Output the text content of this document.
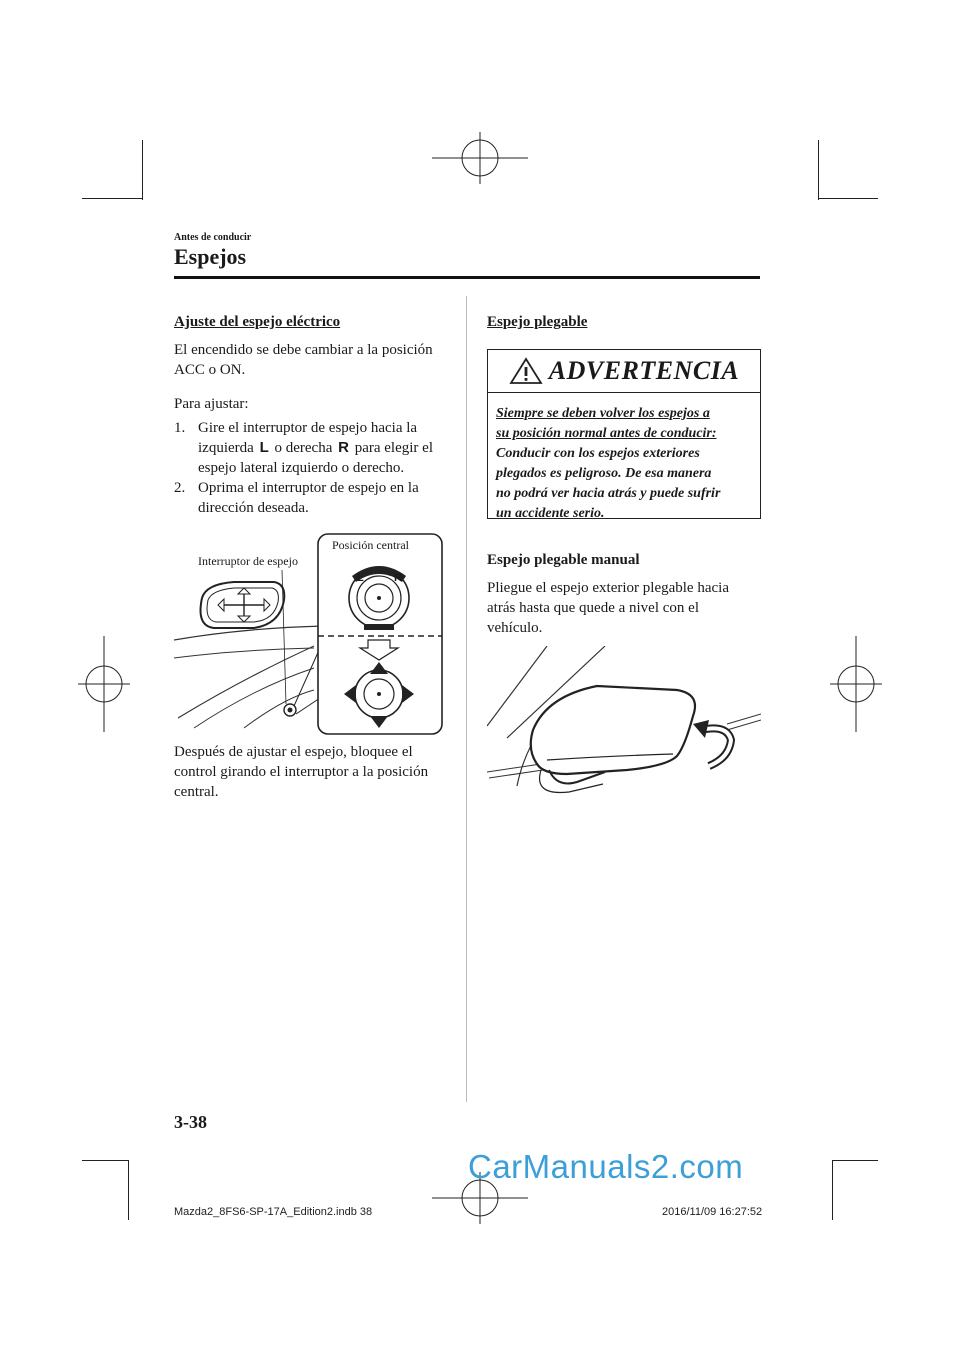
Antes de conducir
Espejos
Ajuste del espejo eléctrico
El encendido se debe cambiar a la posición
ACC o ON.
Para ajustar:
1. Gire el interruptor de espejo hacia la
izquierda L o derecha R para elegir el
espejo lateral izquierdo o derecho.
2. Oprima el interruptor de espejo en la
dirección deseada.
Interruptor de espejo
Posición central
L	R
Después de ajustar el espejo, bloquee el
control girando el interruptor a la posición
central.
Espejo plegable
ADVERTENCIA
Siempre se deben volver los espejos a
su posición normal antes de conducir:
Conducir con los espejos exteriores
plegados es peligroso. De esa manera
no podrá ver hacia atrás y puede sufrir
un accidente serio.
Espejo plegable manual
Pliegue el espejo exterior plegable hacia
atrás hasta que quede a nivel con el
vehículo.
3-38
CarManuals2.com
Mazda2_8FS6-SP-17A_Edition2.indb 38	2016/11/09 16:27:52
